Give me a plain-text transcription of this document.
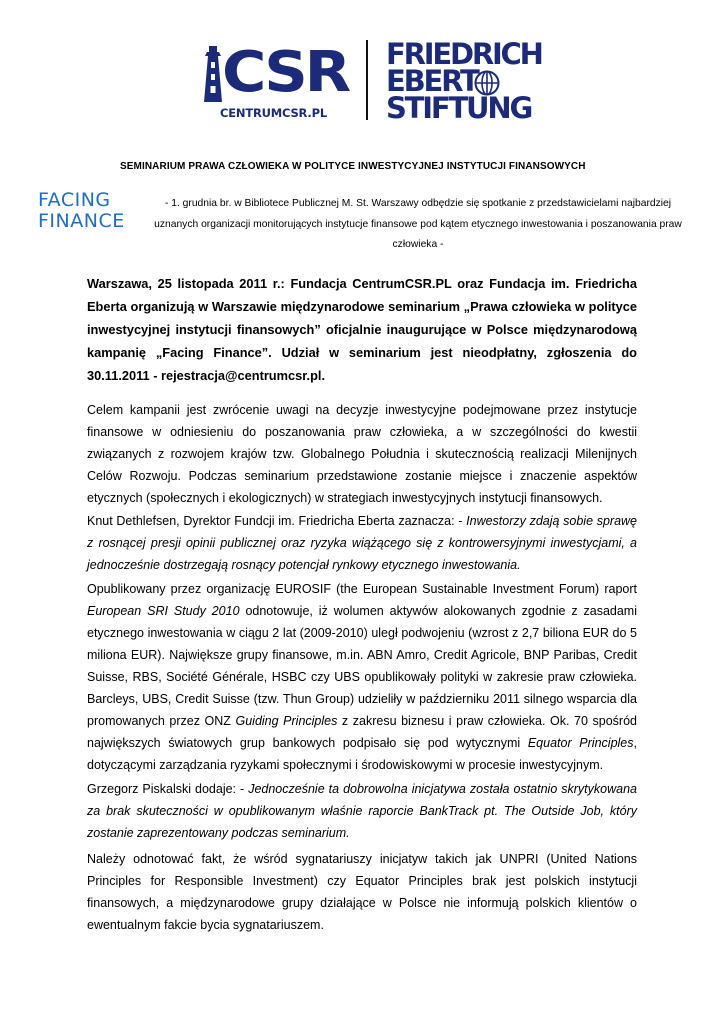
CSR
CENTRUMCSR.PL
FRIEDRICH
EBERT
STIFTUNG
SEMINARIUM PRAWA CZŁOWIEKA W POLITYCE INWESTYCYJNEJ INSTYTUCJI FINANSOWYCH
FACING
FINANCE
- 1. grudnia br. w Bibliotece Publicznej M. St. Warszawy odbędzie się spotkanie z przedstawicielami najbardziej uznanych organizacji monitorujących instytucje finansowe pod kątem etycznego inwestowania i poszanowania praw człowieka -
Warszawa, 25 listopada 2011 r.: Fundacja CentrumCSR.PL oraz Fundacja im. Friedricha Eberta organizują w Warszawie międzynarodowe seminarium „Prawa człowieka w polityce inwestycyjnej instytucji finansowych” oficjalnie inaugurujące w Polsce międzynarodową kampanię „Facing Finance”. Udział w seminarium jest nieodpłatny, zgłoszenia do 30.11.2011 - rejestracja@centrumcsr.pl.
Celem kampanii jest zwrócenie uwagi na decyzje inwestycyjne podejmowane przez instytucje finansowe w odniesieniu do poszanowania praw człowieka, a w szczególności do kwestii związanych z rozwojem krajów tzw. Globalnego Południa i skutecznością realizacji Milenijnych Celów Rozwoju. Podczas seminarium przedstawione zostanie miejsce i znaczenie aspektów etycznych (społecznych i ekologicznych) w strategiach inwestycyjnych instytucji finansowych.
Knut Dethlefsen, Dyrektor Fundcji im. Friedricha Eberta zaznacza: - Inwestorzy zdają sobie sprawę z rosnącej presji opinii publicznej oraz ryzyka wiążącego się z kontrowersyjnymi inwestycjami, a jednocześnie dostrzegają rosnący potencjał rynkowy etycznego inwestowania.
Opublikowany przez organizację EUROSIF (the European Sustainable Investment Forum) raport European SRI Study 2010 odnotowuje, iż wolumen aktywów alokowanych zgodnie z zasadami etycznego inwestowania w ciągu 2 lat (2009-2010) uległ podwojeniu (wzrost z 2,7 biliona EUR do 5 miliona EUR). Największe grupy finansowe, m.in. ABN Amro, Credit Agricole, BNP Paribas, Credit Suisse, RBS, Société Générale, HSBC czy UBS opublikowały polityki w zakresie praw człowieka. Barcleys, UBS, Credit Suisse (tzw. Thun Group) udzieliły w październiku 2011 silnego wsparcia dla promowanych przez ONZ Guiding Principles z zakresu biznesu i praw człowieka. Ok. 70 spośród największych światowych grup bankowych podpisało się pod wytycznymi Equator Principles, dotyczącymi zarządzania ryzykami społecznymi i środowiskowymi w procesie inwestycyjnym.
Grzegorz Piskalski dodaje: - Jednocześnie ta dobrowolna inicjatywa została ostatnio skrytykowana za brak skuteczności w opublikowanym właśnie raporcie BankTrack pt. The Outside Job, który zostanie zaprezentowany podczas seminarium.
Należy odnotować fakt, że wśród sygnatariuszy inicjatyw takich jak UNPRI (United Nations Principles for Responsible Investment) czy Equator Principles brak jest polskich instytucji finansowych, a międzynarodowe grupy działające w Polsce nie informują polskich klientów o ewentualnym fakcie bycia sygnatariuszem.
